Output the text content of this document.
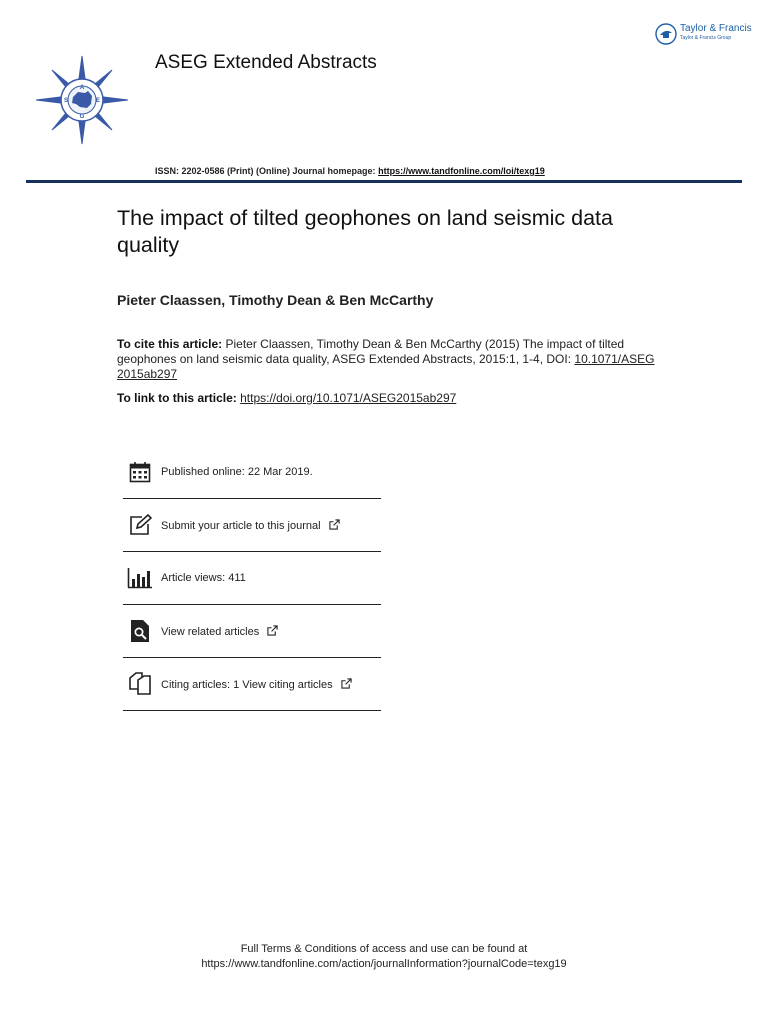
A
S	E
G
ASEG Extended Abstracts
Taylor & Francis
Taylor & Francis Group
ISSN: 2202-0586 (Print) (Online) Journal homepage: https://www.tandfonline.com/loi/texg19
The impact of tilted geophones on land seismic data quality
Pieter Claassen, Timothy Dean & Ben McCarthy
To cite this article: Pieter Claassen, Timothy Dean & Ben McCarthy (2015) The impact of tilted geophones on land seismic data quality, ASEG Extended Abstracts, 2015:1, 1-4, DOI: 10.1071/ASEG2015ab297
To link to this article: https://doi.org/10.1071/ASEG2015ab297
Published online: 22 Mar 2019.
Submit your article to this journal
Article views: 411
View related articles
Citing articles: 1 View citing articles
Full Terms & Conditions of access and use can be found at
https://www.tandfonline.com/action/journalInformation?journalCode=texg19
